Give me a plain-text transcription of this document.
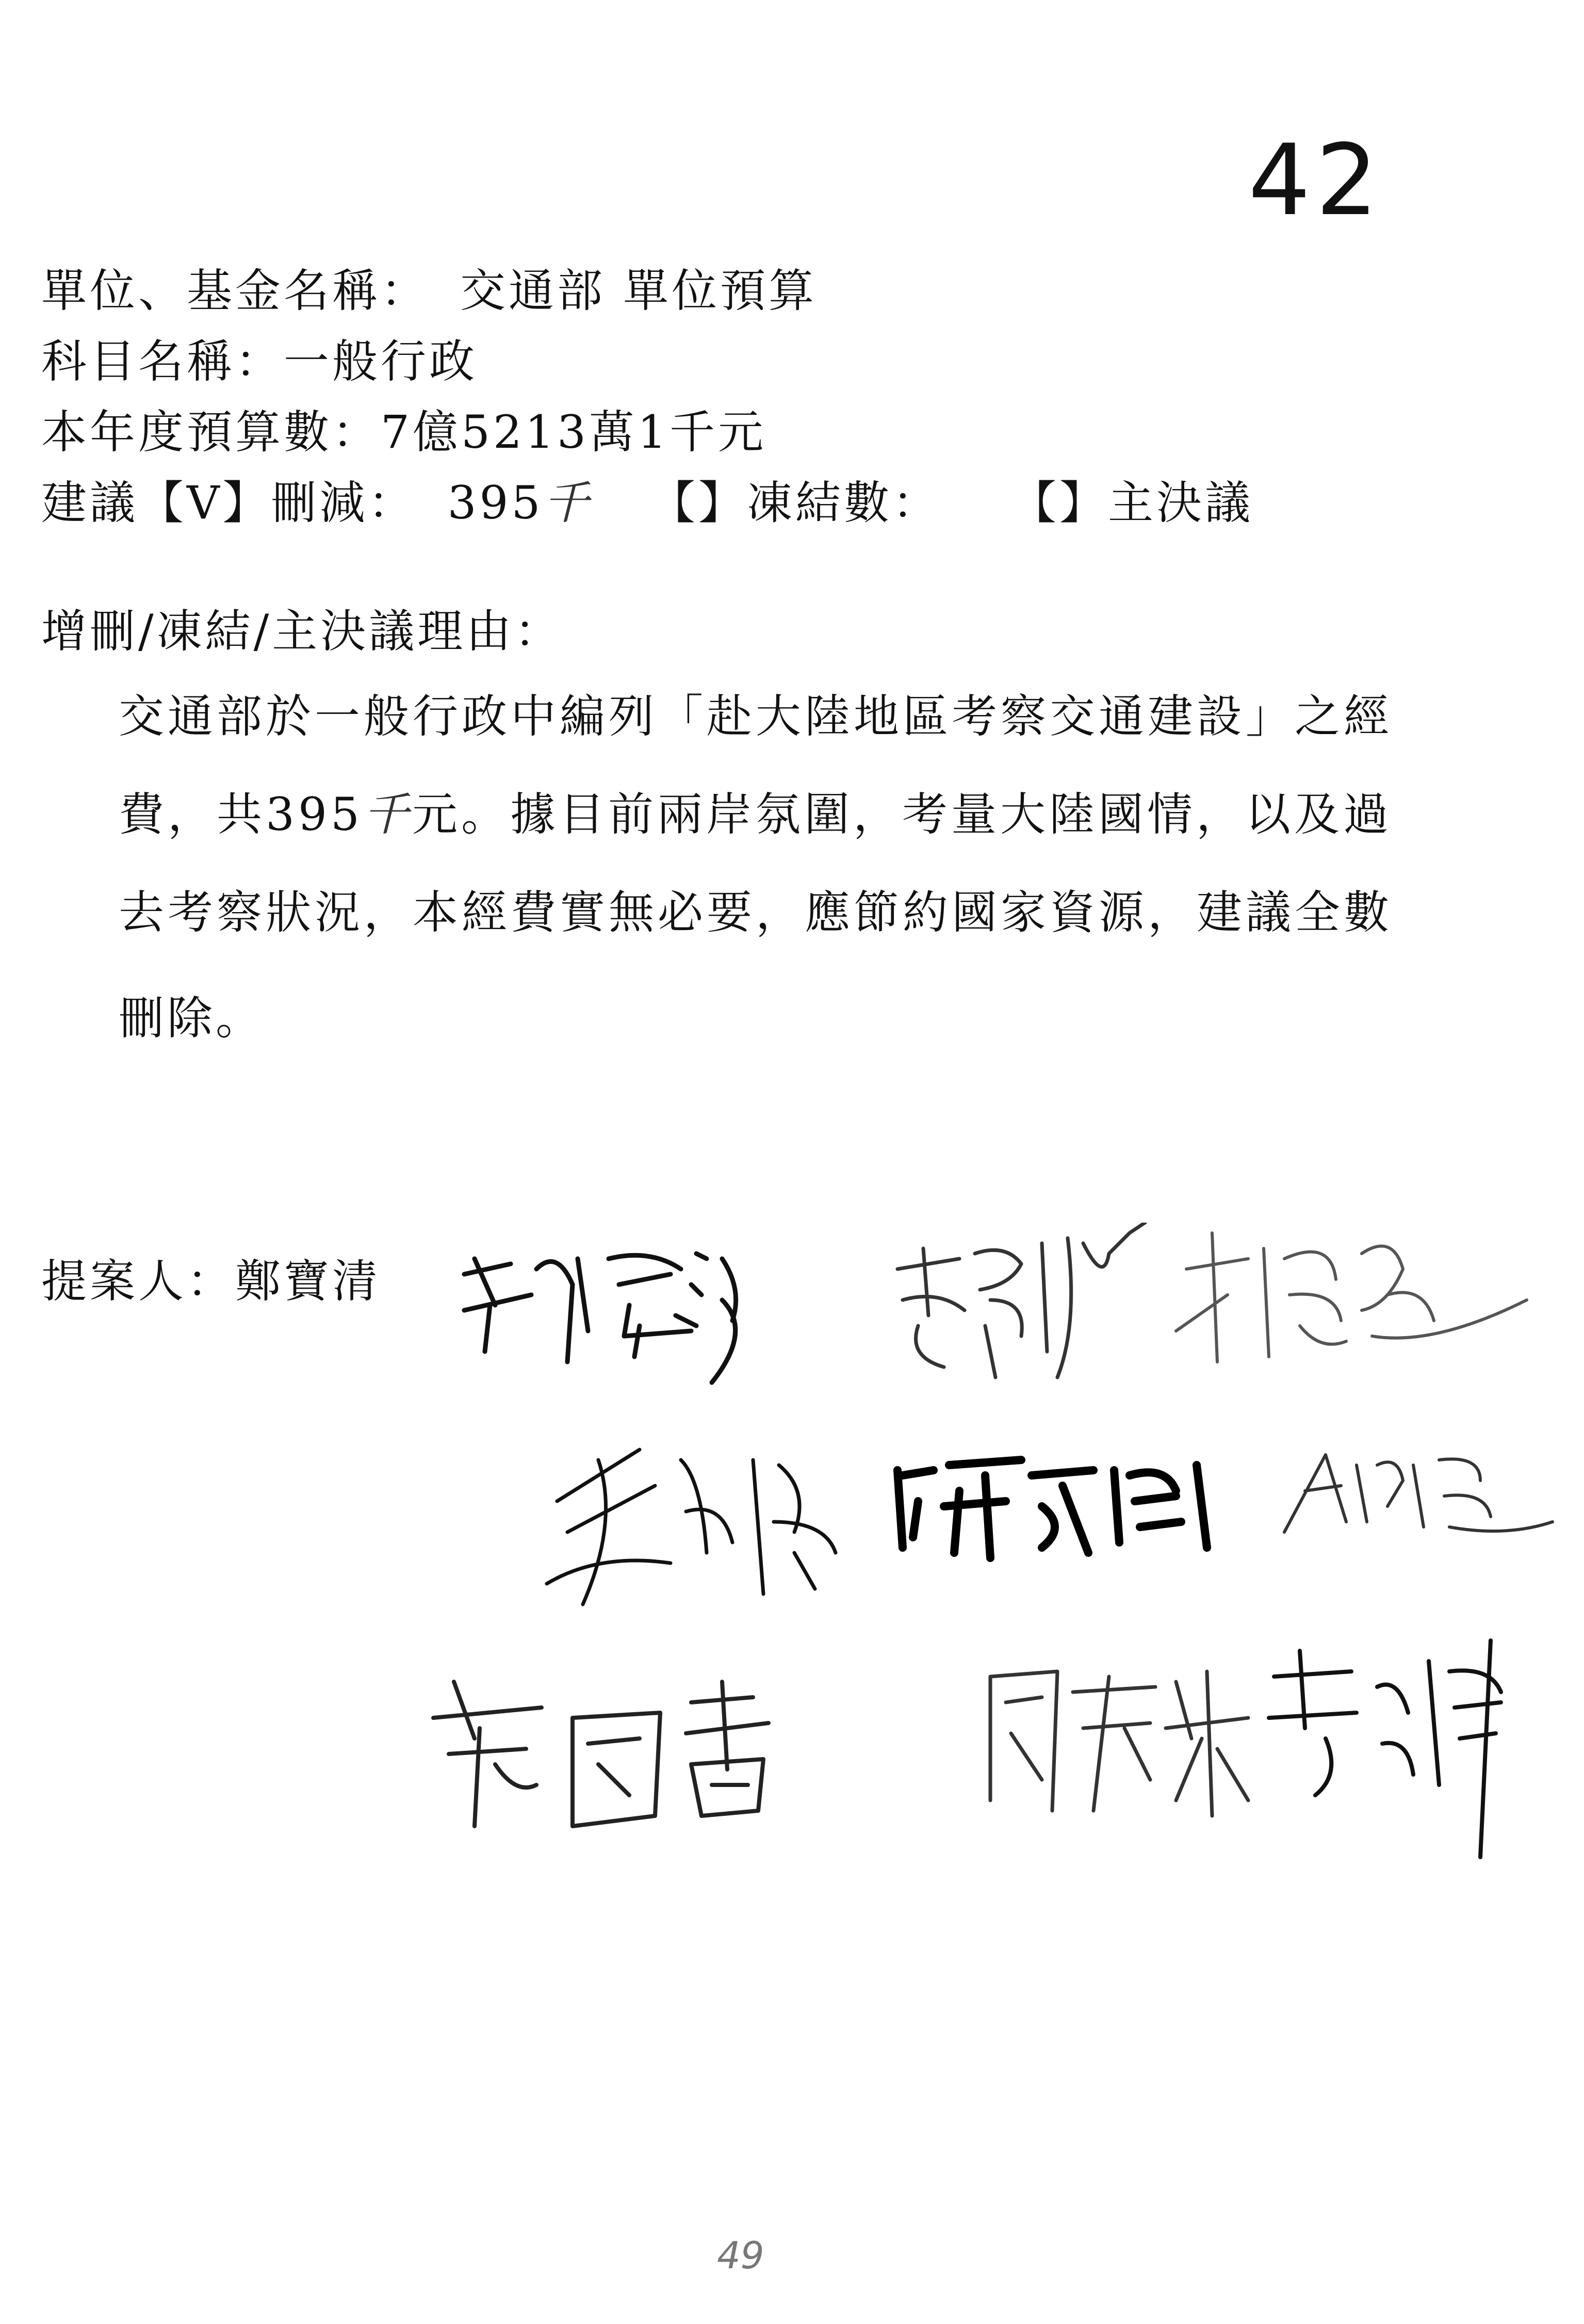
42
單位、基金名稱： 交通部 單位預算
科目名稱：一般行政
本年度預算數：7億5213萬1千元
建議【V】刪減： 395千 【】凍結數： 【】主決議
增刪/凍結/主決議理由：
交通部於一般行政中編列「赴大陸地區考察交通建設」之經
費，共395千元。據目前兩岸氛圍，考量大陸國情，以及過
去考察狀況，本經費實無必要，應節約國家資源，建議全數
刪除。
提案人：鄭寶清
49
